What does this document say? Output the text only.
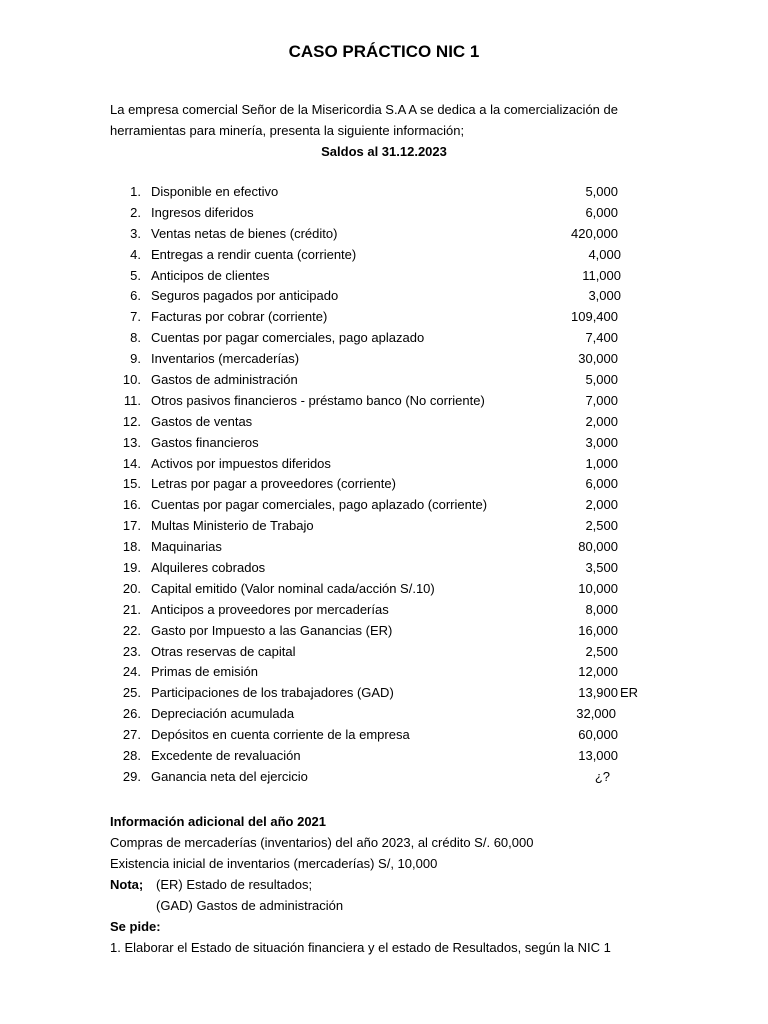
CASO PRÁCTICO NIC 1
La empresa comercial Señor de la Misericordia S.A A se dedica a la comercialización de
herramientas para minería, presenta la siguiente información;
Saldos al 31.12.2023
1. Disponible en efectivo	5,000
2. Ingresos diferidos	6,000
3. Ventas netas de bienes (crédito)	420,000
4. Entregas a rendir cuenta (corriente)	4,000
5. Anticipos de clientes	11,000
6. Seguros pagados por anticipado	3,000
7. Facturas por cobrar (corriente)	109,400
8. Cuentas por pagar comerciales, pago aplazado	7,400
9. Inventarios (mercaderías)	30,000
10. Gastos de administración	5,000
11. Otros pasivos financieros - préstamo banco (No corriente)	7,000
12. Gastos de ventas	2,000
13. Gastos financieros	3,000
14. Activos por impuestos diferidos	1,000
15. Letras por pagar a proveedores (corriente)	6,000
16. Cuentas por pagar comerciales, pago aplazado (corriente)	2,000
17. Multas Ministerio de Trabajo	2,500
18. Maquinarias	80,000
19. Alquileres cobrados	3,500
20. Capital emitido (Valor nominal cada/acción S/.10)	10,000
21. Anticipos a proveedores por mercaderías	8,000
22. Gasto por Impuesto a las Ganancias (ER)	16,000
23. Otras reservas de capital	2,500
24. Primas de emisión	12,000
25. Participaciones de los trabajadores (GAD)	13,900 ER
26. Depreciación acumulada	32,000
27. Depósitos en cuenta corriente de la empresa	60,000
28. Excedente de revaluación	13,000
29. Ganancia neta del ejercicio	¿?

Información adicional del año 2021

Compras de mercaderías (inventarios) del año 2023, al crédito S/. 60,000

Existencia inicial de inventarios (mercaderías) S/, 10,000

Nota; (ER) Estado de resultados;

(GAD) Gastos de administración

Se pide:

1. Elaborar el Estado de situación financiera y el estado de Resultados, según la NIC 1
